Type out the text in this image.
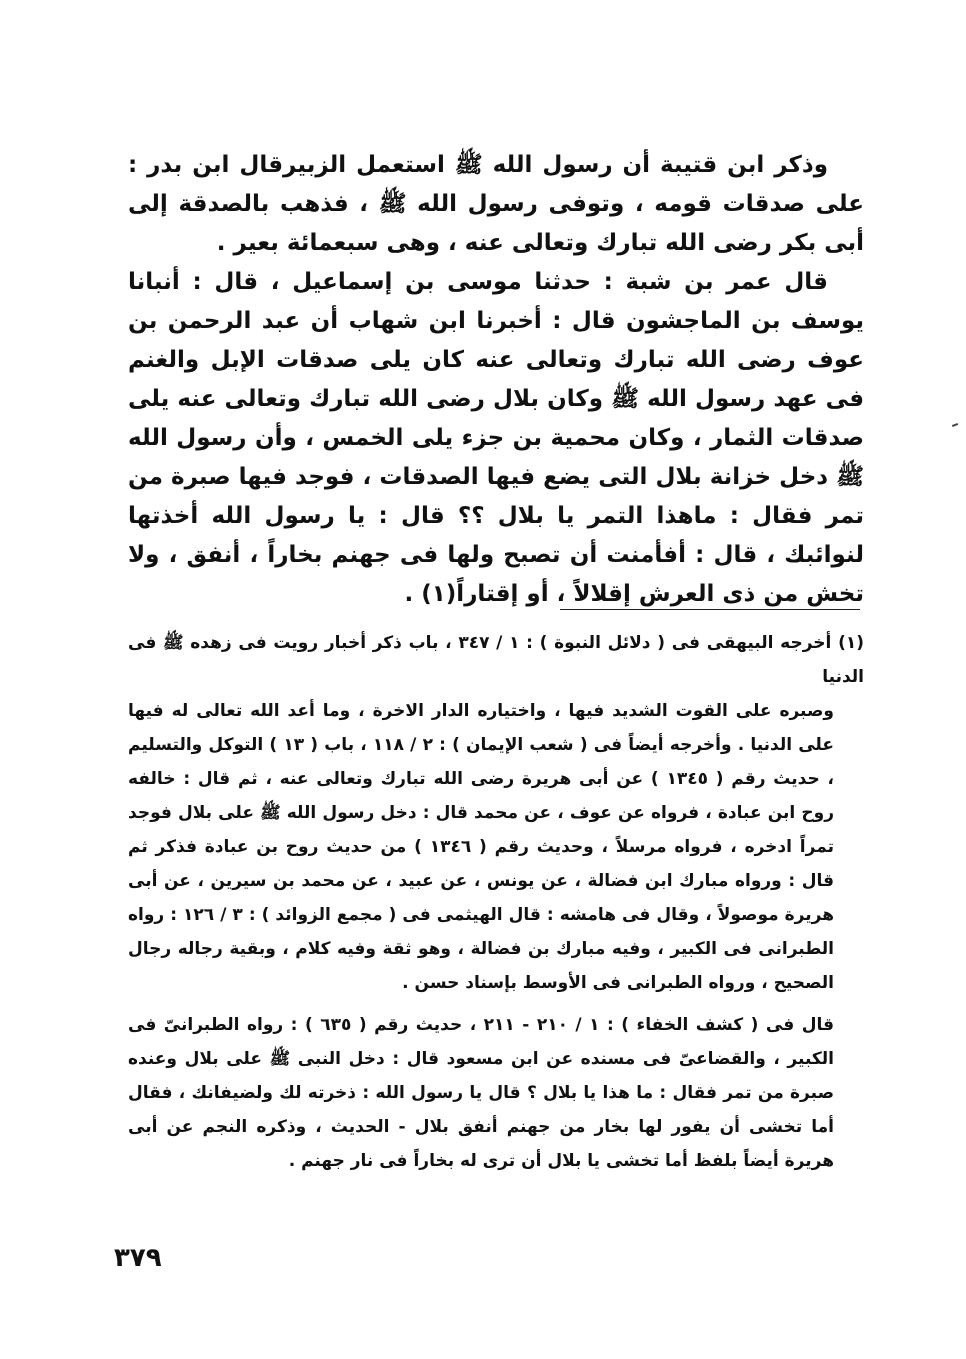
وذكر ابن قتيبة أن رسول الله ﷺ استعمل الزبيرقال ابن بدر : على صدقات قومه ، وتوفى رسول الله ﷺ ، فذهب بالصدقة إلى أبى بكر رضى الله تبارك وتعالى عنه ، وهى سبعمائة بعير .

قال عمر بن شبة : حدثنا موسى بن إسماعيل ، قال : أنبانا يوسف بن الماجشون قال : أخبرنا ابن شهاب أن عبد الرحمن بن عوف رضى الله تبارك وتعالى عنه كان يلى صدقات الإبل والغنم فى عهد رسول الله ﷺ وكان بلال رضى الله تبارك وتعالى عنه يلى صدقات الثمار ، وكان محمية بن جزء يلى الخمس ، وأن رسول الله ﷺ دخل خزانة بلال التى يضع فيها الصدقات ، فوجد فيها صبرة من تمر فقال : ماهذا التمر يا بلال ؟؟ قال : يا رسول الله أخذتها لنوائبك ، قال : أفأمنت أن تصبح ولها فى جهنم بخاراً ، أنفق ، ولا تخش من ذى العرش إقلالاً ، أو إقتاراً(١) .

(١) أخرجه البيهقى فى ( دلائل النبوة ) : ١ / ٣٤٧ ، باب ذكر أخبار رويت فى زهده ﷺ فى الدنيا

وصبره على القوت الشديد فيها ، واختياره الدار الاخرة ، وما أعد الله تعالى له فيها على الدنيا . وأخرجه أيضاً فى ( شعب الإيمان ) : ٢ / ١١٨ ، باب ( ١٣ ) التوكل والتسليم ، حديث رقم ( ١٣٤٥ ) عن أبى هريرة رضى الله تبارك وتعالى عنه ، ثم قال : خالفه روح ابن عبادة ، فرواه عن عوف ، عن محمد قال : دخل رسول الله ﷺ على بلال فوجد تمراً ادخره ، فرواه مرسلاً ، وحديث رقم ( ١٣٤٦ ) من حديث روح بن عبادة فذكر ثم قال : ورواه مبارك ابن فضالة ، عن يونس ، عن عبيد ، عن محمد بن سيرين ، عن أبى هريرة موصولاً ، وقال فى هامشه : قال الهيثمى فى ( مجمع الزوائد ) : ٣ / ١٢٦ : رواه الطبرانى فى الكبير ، وفيه مبارك بن فضالة ، وهو ثقة وفيه كلام ، وبقية رجاله رجال الصحيح ، ورواه الطبرانى فى الأوسط بإسناد حسن .

قال فى ( كشف الخفاء ) : ١ / ٢١٠ - ٢١١ ، حديث رقم ( ٦٣٥ ) : رواه الطبرانىّ فى الكبير ، والقضاعىّ فى مسنده عن ابن مسعود قال : دخل النبى ﷺ على بلال وعنده صبرة من تمر فقال : ما هذا يا بلال ؟ قال يا رسول الله : ذخرته لك ولضيفانك ، فقال أما تخشى أن يفور لها بخار من جهنم أنفق بلال - الحديث ، وذكره النجم عن أبى هريرة أيضاً بلفظ أما تخشى يا بلال أن ترى له بخاراً فى نار جهنم .

٣٧٩
